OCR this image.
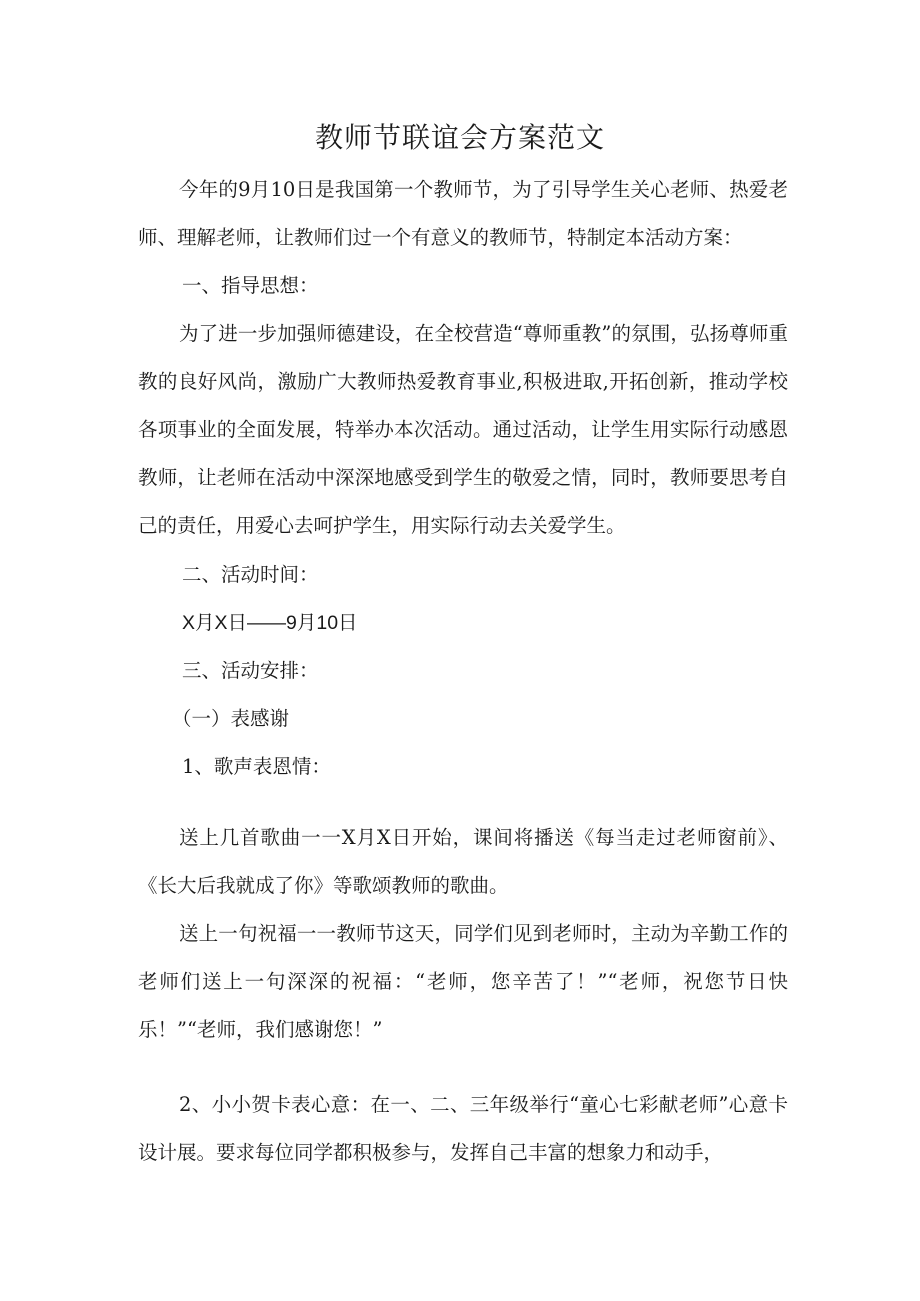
教师节联谊会方案范文
今年的9月10日是我国第一个教师节，为了引导学生关心老师、热爱老师、理解老师，让教师们过一个有意义的教师节，特制定本活动方案：
一、指导思想：
为了进一步加强师德建设，在全校营造“尊师重教”的氛围，弘扬尊师重教的良好风尚，激励广大教师热爱教育事业,积极进取,开拓创新，推动学校各项事业的全面发展，特举办本次活动。通过活动，让学生用实际行动感恩教师，让老师在活动中深深地感受到学生的敬爱之情，同时，教师要思考自己的责任，用爱心去呵护学生，用实际行动去关爱学生。
二、活动时间：
X月X日——9月10日
三、活动安排：
（一）表感谢
1、歌声表恩情：
送上几首歌曲一一X月X日开始，课间将播送《每当走过老师窗前》、《长大后我就成了你》等歌颂教师的歌曲。
送上一句祝福一一教师节这天，同学们见到老师时，主动为辛勤工作的老师们送上一句深深的祝福：“老师，您辛苦了！”“老师，祝您节日快乐！”“老师，我们感谢您！”
2、小小贺卡表心意：在一、二、三年级举行“童心七彩献老师”心意卡设计展。要求每位同学都积极参与，发挥自己丰富的想象力和动手，
